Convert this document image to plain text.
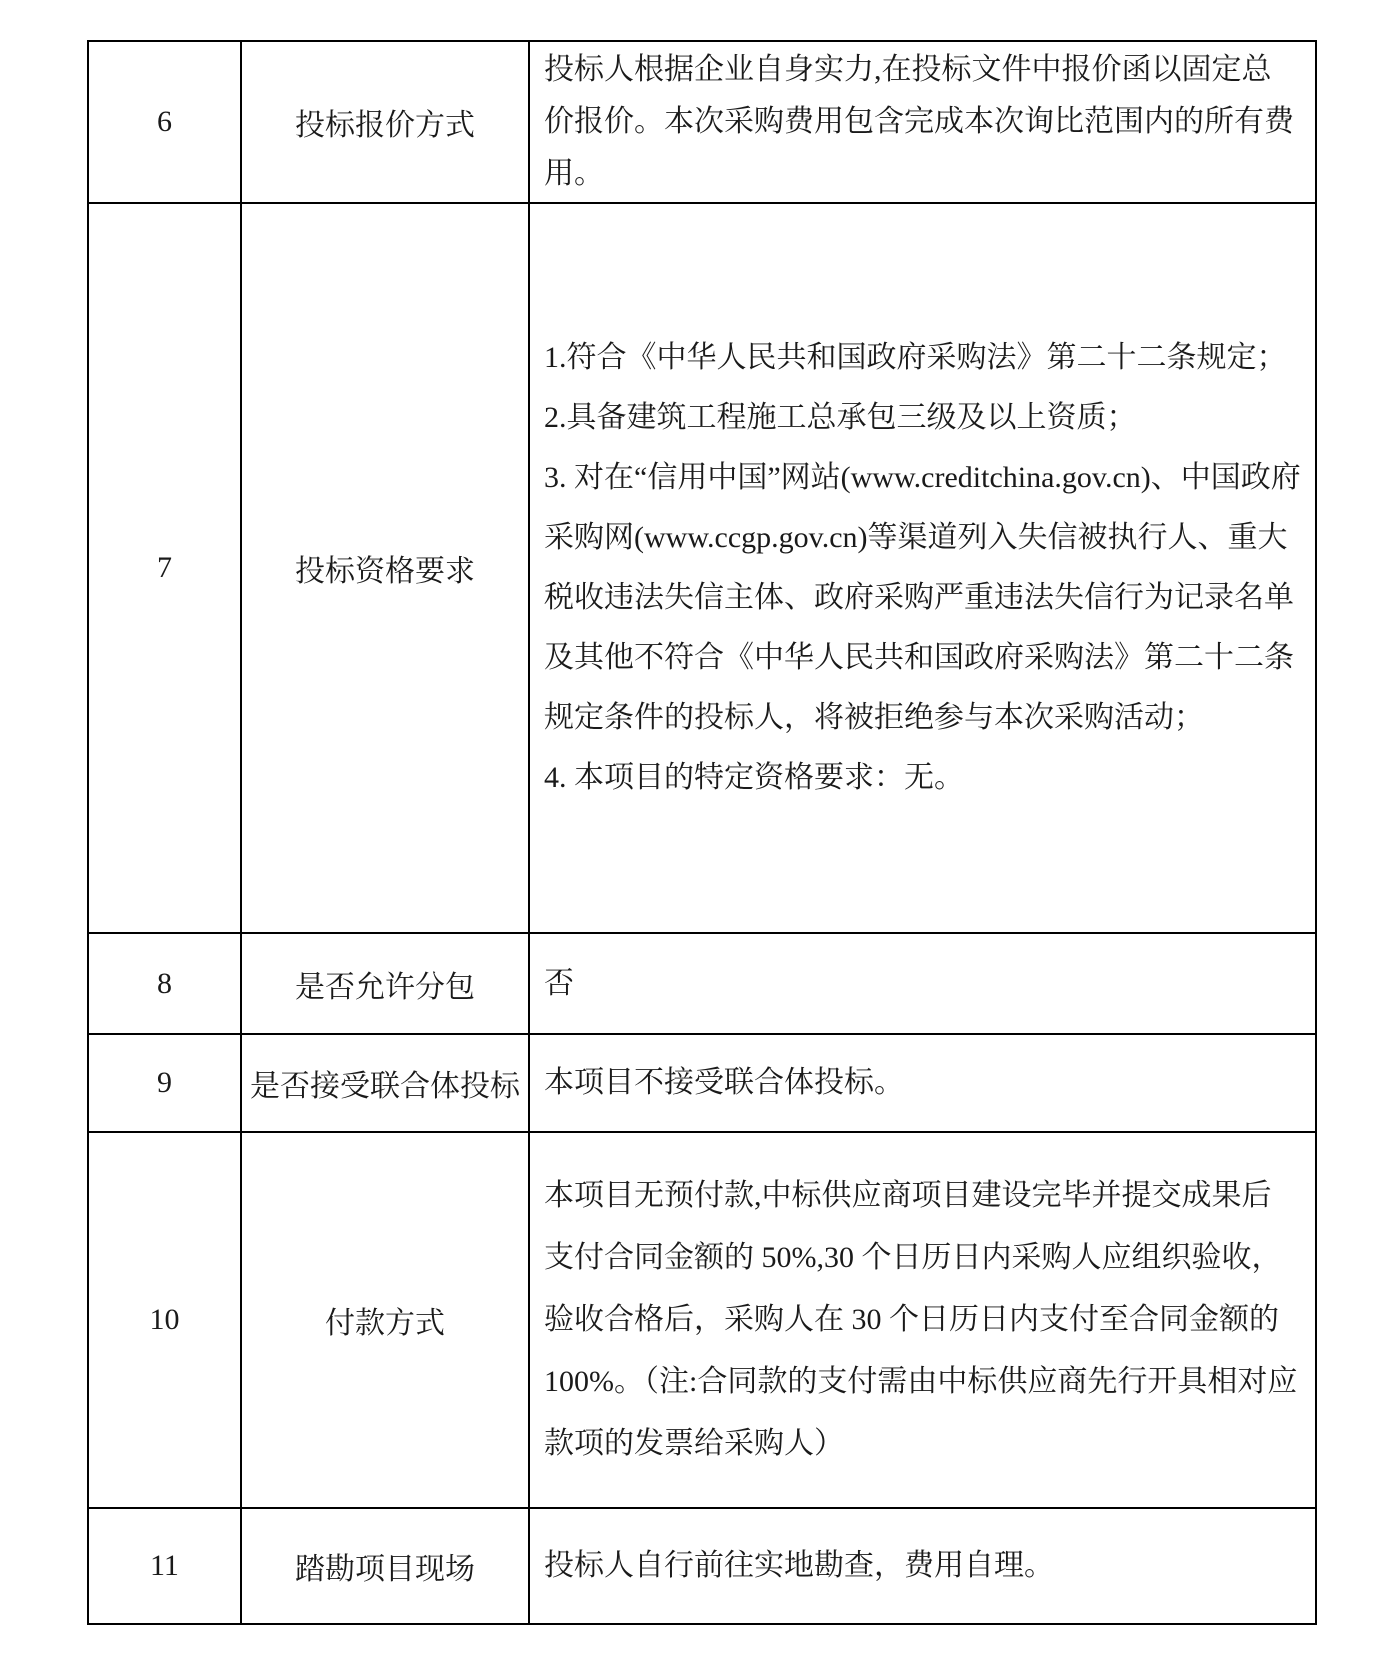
6	投标报价方式	投标人根据企业自身实力,在投标文件中报价函以固定总价报价。本次采购费用包含完成本次询比范围内的所有费用。

7	投标资格要求	1.符合《中华人民共和国政府采购法》第二十二条规定；

2.具备建筑工程施工总承包三级及以上资质；

3. 对在“信用中国”网站(www.creditchina.gov.cn)、中国政府采购网(www.ccgp.gov.cn)等渠道列入失信被执行人、重大税收违法失信主体、政府采购严重违法失信行为记录名单及其他不符合《中华人民共和国政府采购法》第二十二条规定条件的投标人，将被拒绝参与本次采购活动；

4. 本项目的特定资格要求：无。

8	是否允许分包	否

9	是否接受联合体投标	本项目不接受联合体投标。

10	付款方式	本项目无预付款,中标供应商项目建设完毕并提交成果后支付合同金额的 50%,30 个日历日内采购人应组织验收，验收合格后，采购人在 30 个日历日内支付至合同金额的 100%。（注:合同款的支付需由中标供应商先行开具相对应款项的发票给采购人）

11	踏勘项目现场	投标人自行前往实地勘查，费用自理。
